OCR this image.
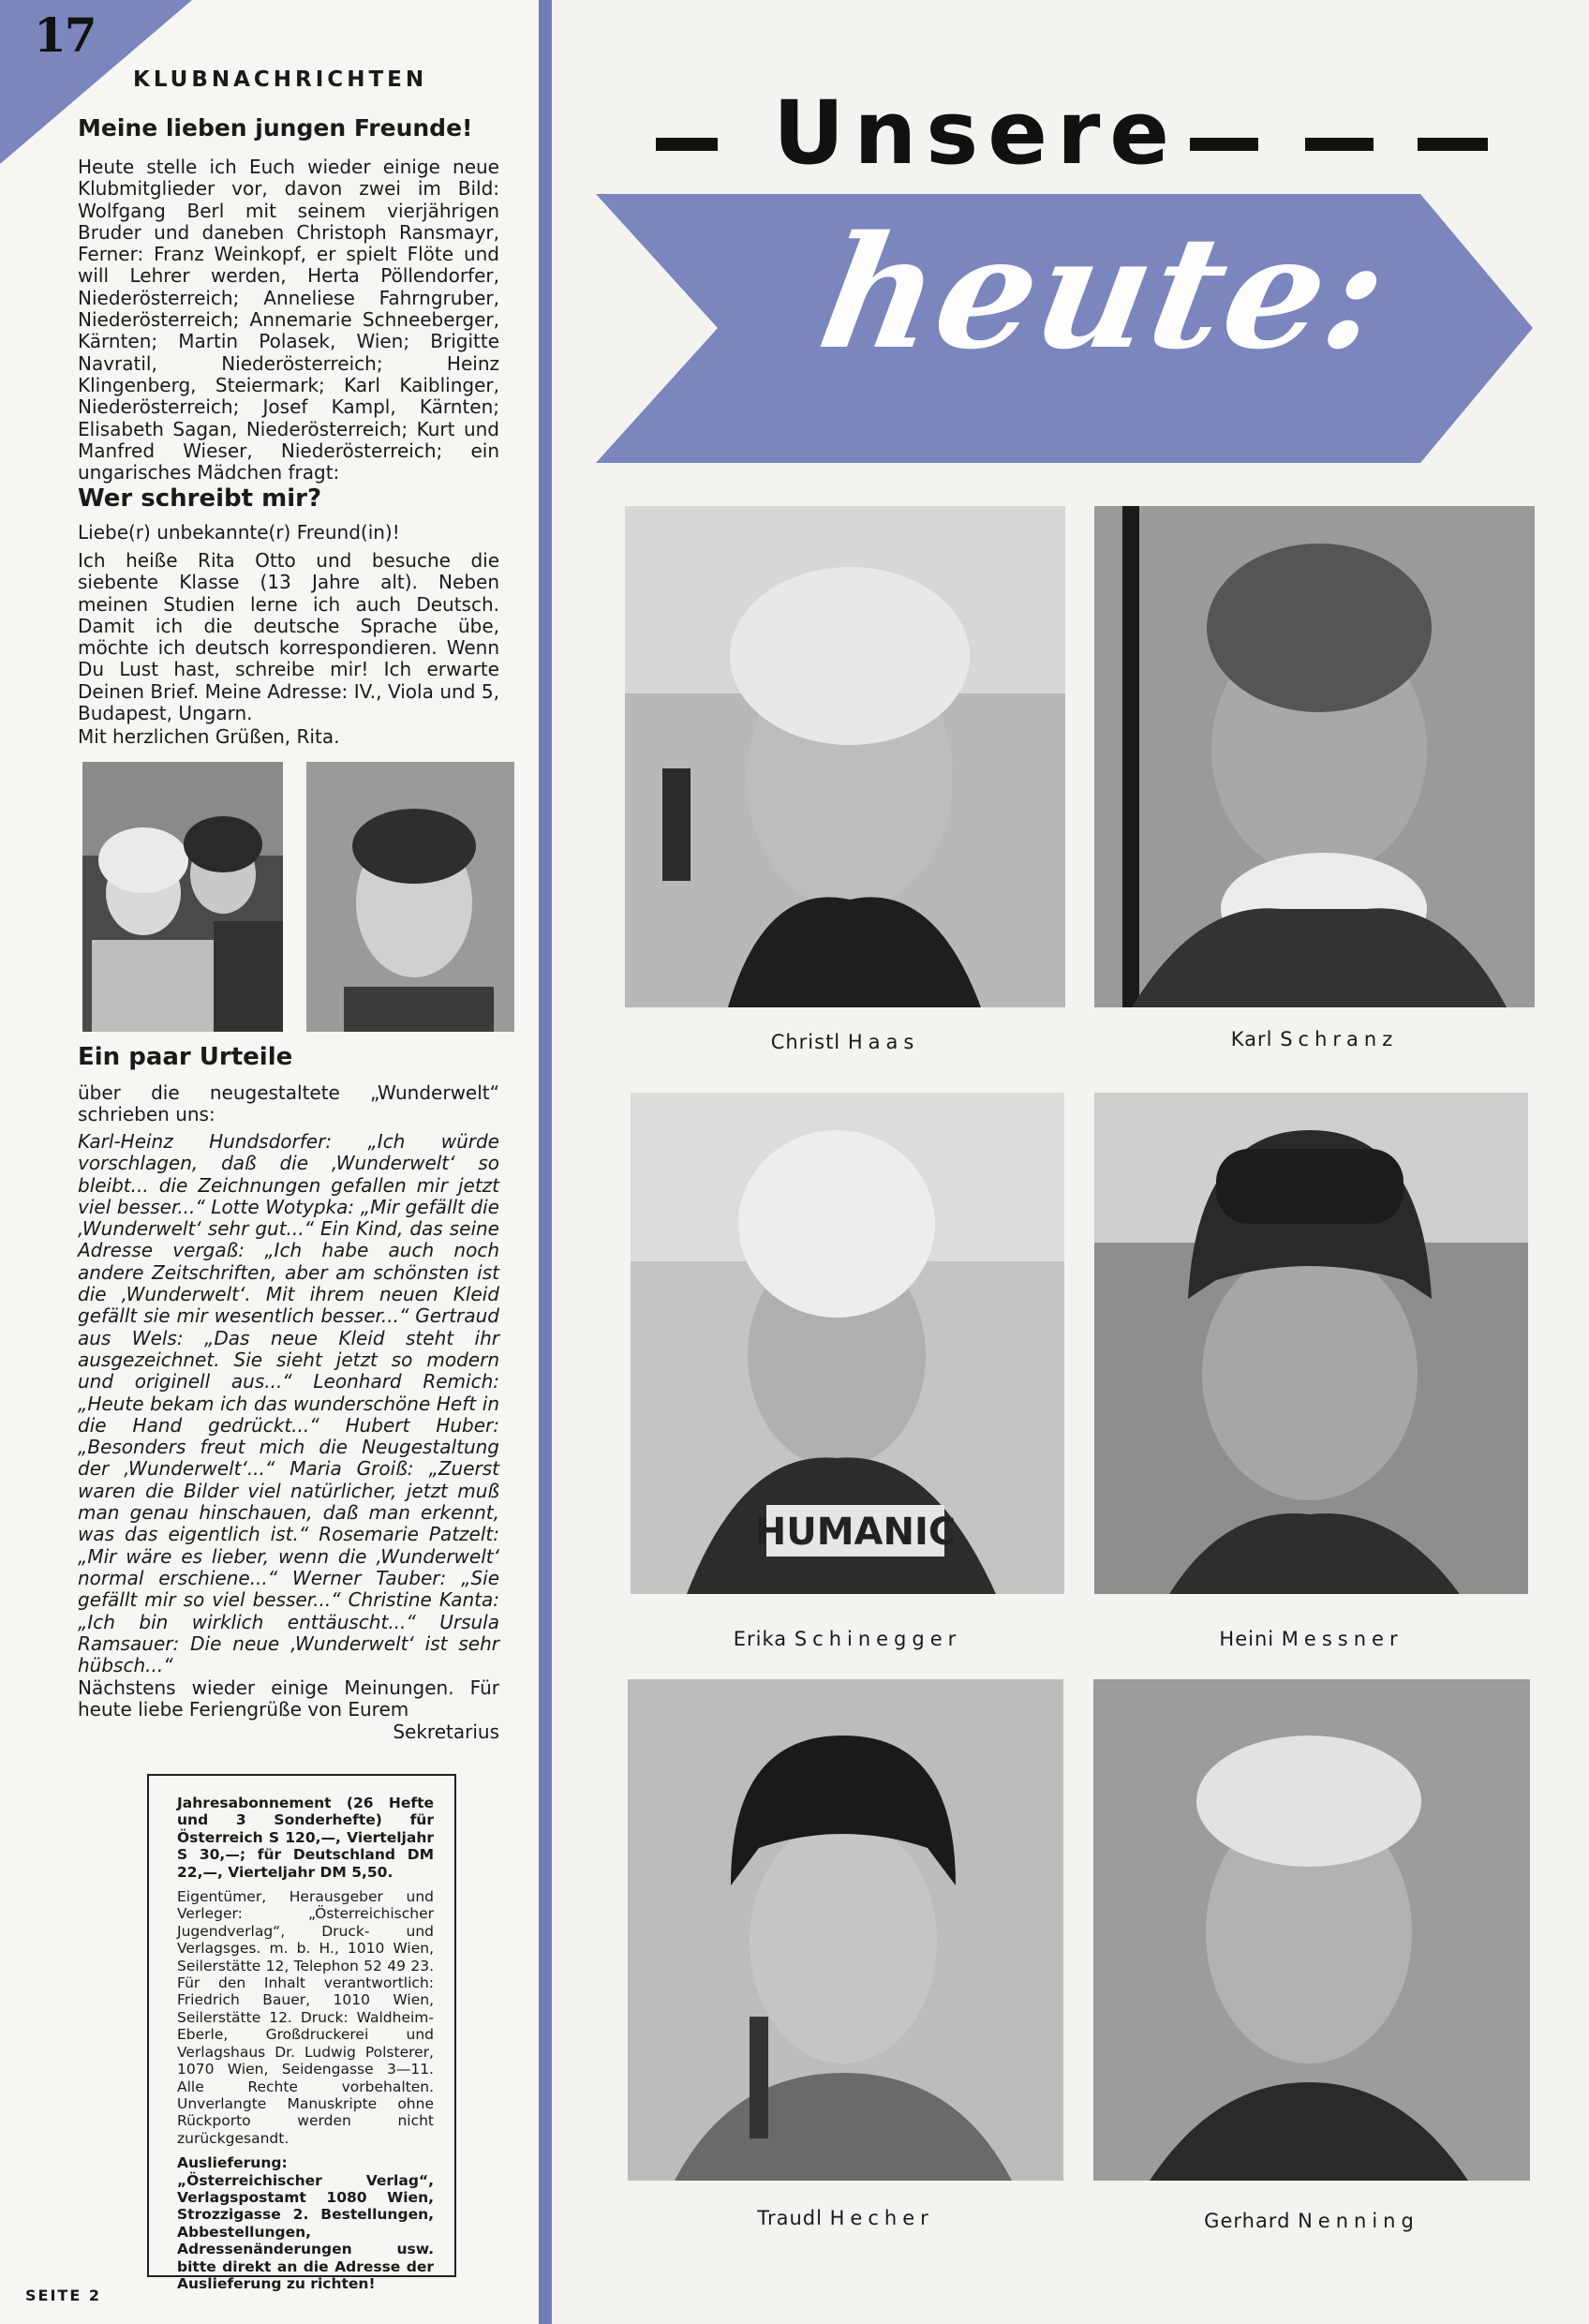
17
KLUBNACHRICHTEN
Meine lieben jungen Freunde!
Heute stelle ich Euch wieder einige neue Klubmitglieder vor, davon zwei im Bild: Wolfgang Berl mit seinem vierjährigen Bruder und daneben Christoph Ransmayr, Ferner: Franz Weinkopf, er spielt Flöte und will Lehrer werden, Herta Pöllendorfer, Niederösterreich; Anneliese Fahrngruber, Niederösterreich; Annemarie Schneeberger, Kärnten; Martin Polasek, Wien; Brigitte Navratil, Niederösterreich; Heinz Klingenberg, Steiermark; Karl Kaiblinger, Niederösterreich; Josef Kampl, Kärnten; Elisabeth Sagan, Niederösterreich; Kurt und Manfred Wieser, Niederösterreich; ein ungarisches Mädchen fragt:
Wer schreibt mir?
Liebe(r) unbekannte(r) Freund(in)!
Ich heiße Rita Otto und besuche die siebente Klasse (13 Jahre alt). Neben meinen Studien lerne ich auch Deutsch. Damit ich die deutsche Sprache übe, möchte ich deutsch korrespondieren. Wenn Du Lust hast, schreibe mir! Ich erwarte Deinen Brief. Meine Adresse: IV., Viola und 5, Budapest, Ungarn.
Mit herzlichen Grüßen, Rita.
Ein paar Urteile
über die neugestaltete „Wunderwelt“ schrieben uns:
Karl-Heinz Hundsdorfer: „Ich würde vorschlagen, daß die ‚Wunderwelt‘ so bleibt... die Zeichnungen gefallen mir jetzt viel besser...“ Lotte Wotypka: „Mir gefällt die ‚Wunderwelt‘ sehr gut...“ Ein Kind, das seine Adresse vergaß: „Ich habe auch noch andere Zeitschriften, aber am schönsten ist die ‚Wunderwelt‘. Mit ihrem neuen Kleid gefällt sie mir wesentlich besser...“ Gertraud aus Wels: „Das neue Kleid steht ihr ausgezeichnet. Sie sieht jetzt so modern und originell aus...“ Leonhard Remich: „Heute bekam ich das wunderschöne Heft in die Hand gedrückt...“ Hubert Huber: „Besonders freut mich die Neugestaltung der ‚Wunderwelt‘...“ Maria Groiß: „Zuerst waren die Bilder viel natürlicher, jetzt muß man genau hinschauen, daß man erkennt, was das eigentlich ist.“ Rosemarie Patzelt: „Mir wäre es lieber, wenn die ‚Wunderwelt‘ normal erschiene...“ Werner Tauber: „Sie gefällt mir so viel besser...“ Christine Kanta: „Ich bin wirklich enttäuscht...“ Ursula Ramsauer: Die neue ‚Wunderwelt‘ ist sehr hübsch...“
Nächstens wieder einige Meinungen. Für heute liebe Feriengrüße von Eurem
Sekretarius

Jahresabonnement (26 Hefte und 3 Sonderhefte) für Österreich S 120,—, Vierteljahr S 30,—; für Deutschland DM 22,—, Vierteljahr DM 5,50.

Eigentümer, Herausgeber und Verleger: „Österreichischer Jugendverlag“, Druck- und Verlagsges. m. b. H., 1010 Wien, Seilerstätte 12, Telephon 52 49 23. Für den Inhalt verantwortlich: Friedrich Bauer, 1010 Wien, Seilerstätte 12. Druck: Waldheim-Eberle, Großdruckerei und Verlagshaus Dr. Ludwig Polsterer, 1070 Wien, Seidengasse 3—11. Alle Rechte vorbehalten. Unverlangte Manuskripte ohne Rückporto werden nicht zurückgesandt.

Auslieferung: „Österreichischer Verlag“, Verlagspostamt 1080 Wien, Strozzigasse 2. Bestellungen, Abbestellungen, Adressenänderungen usw. bitte direkt an die Adresse der Auslieferung zu richten!

SEITE 2
Unsere
heute:
HUMANIC
Christl Haas	Karl Schranz
Erika Schinegger	Heini Messner
Traudl Hecher	Gerhard Nenning
